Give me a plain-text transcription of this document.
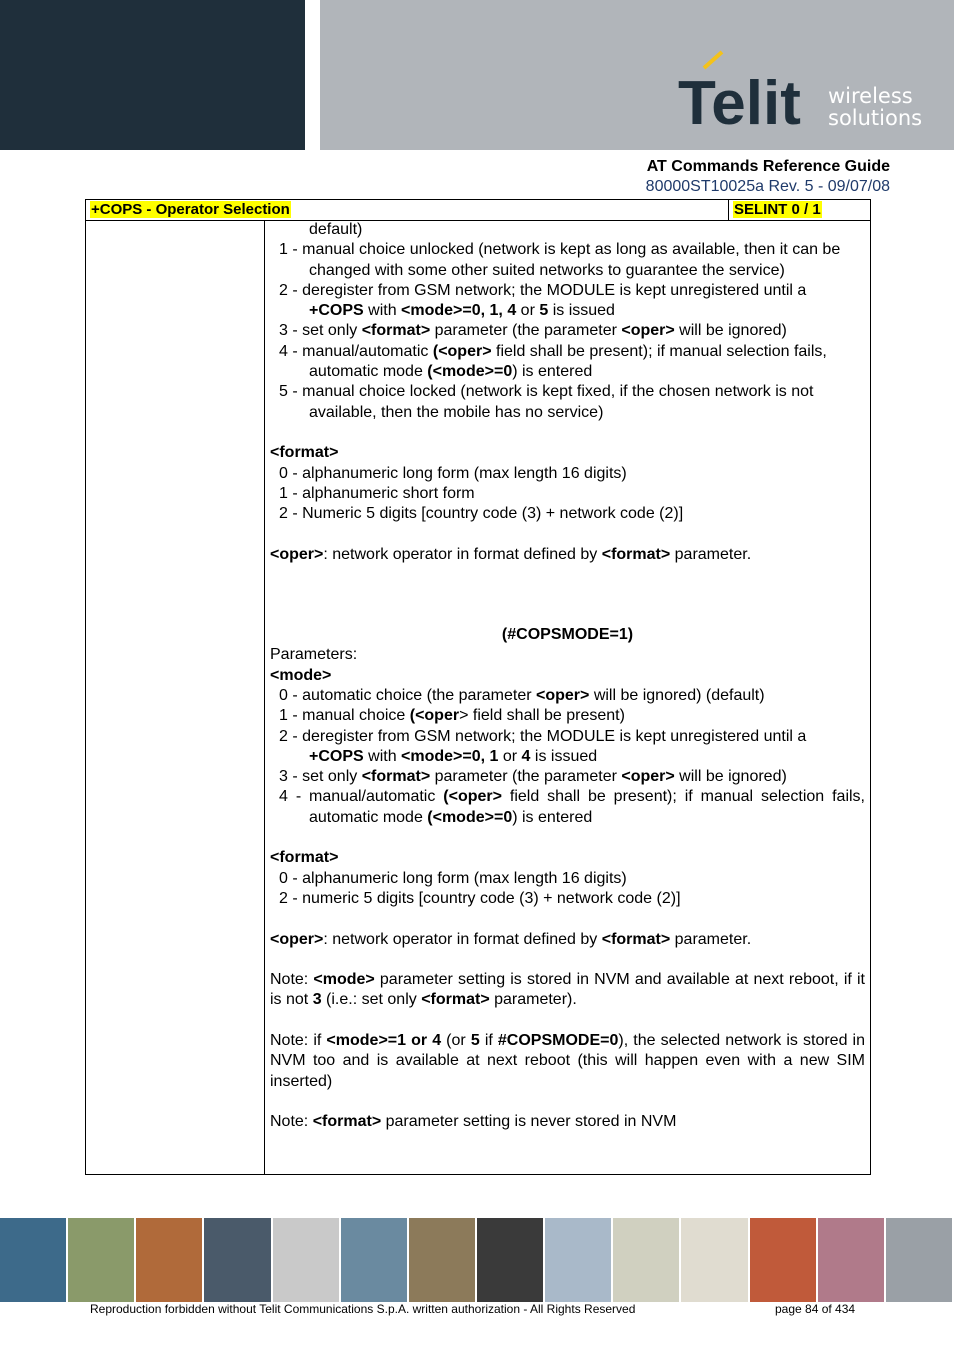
Telit wireless
solutions
AT Commands Reference Guide
80000ST10025a Rev. 5 - 09/07/08
+COPS - Operator Selection	SELINT 0 / 1

default)

1 - manual choice unlocked (network is kept as long as available, then it can be changed with some other suited networks to guarantee the service)

2 - deregister from GSM network; the MODULE is kept unregistered until a +COPS with <mode>=0, 1, 4 or 5 is issued

3 - set only <format> parameter (the parameter <oper> will be ignored)

4 - manual/automatic (<oper> field shall be present); if manual selection fails, automatic mode (<mode>=0) is entered

5 - manual choice locked (network is kept fixed, if the chosen network is not available, then the mobile has no service)

<format>

0 - alphanumeric long form (max length 16 digits)

1 - alphanumeric short form

2 - Numeric 5 digits [country code (3) + network code (2)]

<oper>: network operator in format defined by <format> parameter.

(#COPSMODE=1)

Parameters:

<mode>

0 - automatic choice (the parameter <oper> will be ignored) (default)

1 - manual choice (<oper> field shall be present)

2 - deregister from GSM network; the MODULE is kept unregistered until a +COPS with <mode>=0, 1 or 4 is issued

3 - set only <format> parameter (the parameter <oper> will be ignored)

4 - manual/automatic (<oper> field shall be present); if manual selection fails, automatic mode (<mode>=0) is entered

<format>

0 - alphanumeric long form (max length 16 digits)

2 - numeric 5 digits [country code (3) + network code (2)]

<oper>: network operator in format defined by <format> parameter.

Note: <mode> parameter setting is stored in NVM and available at next reboot, if it is not 3 (i.e.: set only <format> parameter).

Note: if <mode>=1 or 4 (or 5 if #COPSMODE=0), the selected network is stored in NVM too and is available at next reboot (this will happen even with a new SIM inserted)

Note: <format> parameter setting is never stored in NVM

Reproduction forbidden without Telit Communications S.p.A. written authorization - All Rights Reserved	page 84 of 434
